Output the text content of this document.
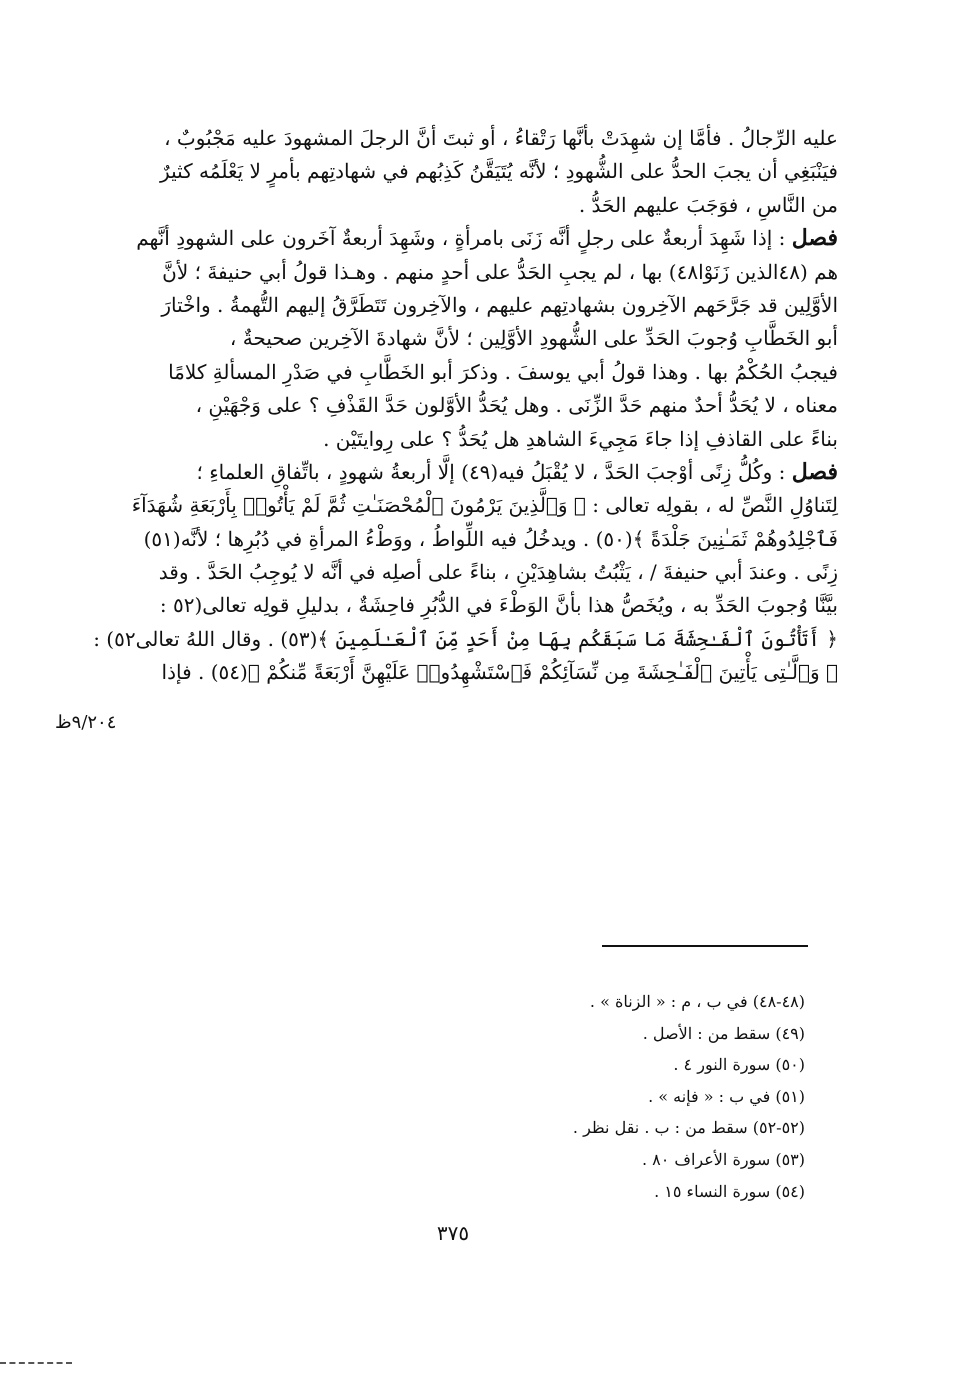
عليه الرِّجالُ . فأمَّا إن شهِدَتْ بأنَّها رَتْقاءُ ، أو ثبتَ أنَّ الرجلَ المشهودَ عليه مَجْبُوبٌ ،
فيَنْبَغِي أن يجبَ الحدُّ على الشُّهودِ ؛ لأنَّه يُتَيَقَّنُ كَذِبُهم في شهادتِهم بأمرٍ لا يَعْلَمُه كثيرٌ
من النَّاسِ ، فوَجَبَ عليهم الحَدُّ .

فصل : إذا شَهِدَ أربعةٌ على رجلٍ أنَّه زَنَى بامرأةٍ ، وشَهِدَ أربعةٌ آخَرون على الشهودِ أنَّهم
هم (٤٨الذين زَنَوْا٤٨) بها ، لم يجبِ الحَدُّ على أحدٍ منهم . وهـذا قولُ أبي حنيفةَ ؛ لأنَّ
الأوَّلِين قد جَرَّحَهم الآخِرون بشهادتِهم عليهم ، والآخِرون تَتَطَرَّقُ إليهم التُّهمةُ . واخْتارَ
أبو الخَطَّابِ وُجوبَ الحَدِّ على الشُّهودِ الأوَّلِين ؛ لأنَّ شهادةَ الآخِرين صحيحةٌ ،
فيجبُ الحُكْمُ بها . وهذا قولُ أبي يوسفَ . وذكرَ أبو الخَطَّابِ في صَدْرِ المسألةِ كلامًا
معناه ، لا يُحَدُّ أحدٌ منهم حَدَّ الزِّنَى . وهل يُحَدُّ الأوَّلون حَدَّ القَذْفِ ؟ على وَجْهَيْنِ ،
بناءً على القاذفِ إذا جاءَ مَجِيءَ الشاهدِ هل يُحَدُّ ؟ على رِوايتَيْن .

فصل : وكُلُّ زِنًى أوْجبَ الحَدَّ ، لا يُقْبَلُ فيه(٤٩) إلَّا أربعةُ شهودٍ ، باتِّفاقِ العلماءِ ؛
لِتَناوُلِ النَّصِّ له ، بقولِه تعالى : ﴿ وَٱلَّذِينَ يَرْمُونَ ٱلْمُحْصَنَـٰتِ ثُمَّ لَمْ يَأْتُوا۟ بِأَرْبَعَةِ شُهَدَآءَ
فَٱجْلِدُوهُمْ ثَمَـٰنِينَ جَلْدَةً ﴾(٥٠) . ويدخُلُ فيه اللِّواطُ ، ووَطْءُ المرأةِ في دُبُرِها ؛ لأنَّه(٥١)
زِنًى . وعندَ أبي حنيفةَ / ، يَثْبُتُ بشاهِدَيْنِ ، بناءً على أصلِه في أنَّه لا يُوجِبُ الحَدَّ . وقد
بيَّنَّا وُجوبَ الحَدِّ به ، ويُخَصُّ هذا بأنَّ الوَطْءَ في الدُّبُرِ فاحِشَةٌ ، بدليلِ قولِه تعالى(٥٢ :
﴿ أَتَأْتُونَ ٱلْفَـٰحِشَةَ مَا سَبَقَكُم بِهَا مِنْ أَحَدٍ مِّنَ ٱلْعَـٰلَمِينَ ﴾(٥٣) . وقال اللهُ تعالى٥٢) :
﴿ وَٱلَّـٰتِى يَأْتِينَ ٱلْفَـٰحِشَةَ مِن نِّسَآئِكُمْ فَٱسْتَشْهِدُوا۟ عَلَيْهِنَّ أَرْبَعَةً مِّنكُمْ ﴾(٥٤) . فإذا

٩/٢٠٤ظ
(٤٨-٤٨) في ب ، م : « الزناة » .
(٤٩) سقط من : الأصل .
(٥٠) سورة النور ٤ .
(٥١) في ب : « فإنه » .
(٥٢-٥٢) سقط من : ب . نقل نظر .
(٥٣) سورة الأعراف ٨٠ .
(٥٤) سورة النساء ١٥ .
٣٧٥
